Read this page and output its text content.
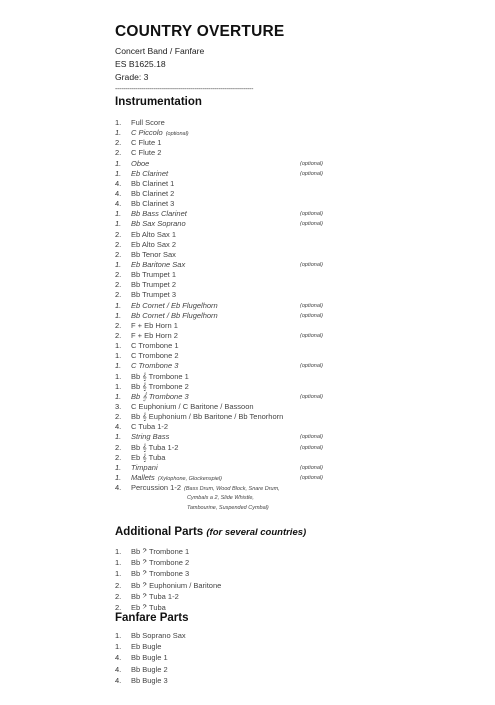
COUNTRY OVERTURE
Concert Band / Fanfare
ES B1625.18
Grade: 3
--------------------------------------------------------------------
Instrumentation
1.	Full Score
1.	C Piccolo (optional)
2.	C Flute 1
2.	C Flute 2
1.	Oboe	(optional)
1.	Eb Clarinet	(optional)
4.	Bb Clarinet 1
4.	Bb Clarinet 2
4.	Bb Clarinet 3
1.	Bb Bass Clarinet	(optional)
1.	Bb Sax Soprano	(optional)
2.	Eb Alto Sax 1
2.	Eb Alto Sax 2
2.	Bb Tenor Sax
1.	Eb Baritone Sax	(optional)
2.	Bb Trumpet 1
2.	Bb Trumpet 2
2.	Bb Trumpet 3
1.	Eb Cornet / Eb Flugelhorn	(optional)
1.	Bb Cornet / Bb Flugelhorn	(optional)
2.	F + Eb Horn 1
2.	F + Eb Horn 2	(optional)
1.	C Trombone 1
1.	C Trombone 2
1.	C Trombone 3	(optional)
1.	Bb 𝄞 Trombone 1
1.	Bb 𝄞 Trombone 2
1.	Bb 𝄞 Trombone 3	(optional)
3.	C Euphonium / C Baritone / Bassoon
2.	Bb 𝄞 Euphonium / Bb Baritone / Bb Tenorhorn
4.	C Tuba 1-2
1.	String Bass	(optional)
2.	Bb 𝄞 Tuba 1-2	(optional)
2.	Eb 𝄞 Tuba
1.	Timpani	(optional)
1.	Mallets (Xylophone, Glockenspiel)	(optional)
4.	Percussion 1-2 (Bass Drum, Wood Block, Snare Drum,
Cymbals a 2, Slide Whistle,
Tambourine, Suspended Cymbal)
Additional Parts (for several countries)
1.	Bb 𝄢 Trombone 1
1.	Bb 𝄢 Trombone 2
1.	Bb 𝄢 Trombone 3
2.	Bb 𝄢 Euphonium / Baritone
2.	Bb 𝄢 Tuba 1-2
2.	Eb 𝄢 Tuba
Fanfare Parts
1.	Bb Soprano Sax
1.	Eb Bugle
4.	Bb Bugle 1
4.	Bb Bugle 2
4.	Bb Bugle 3
